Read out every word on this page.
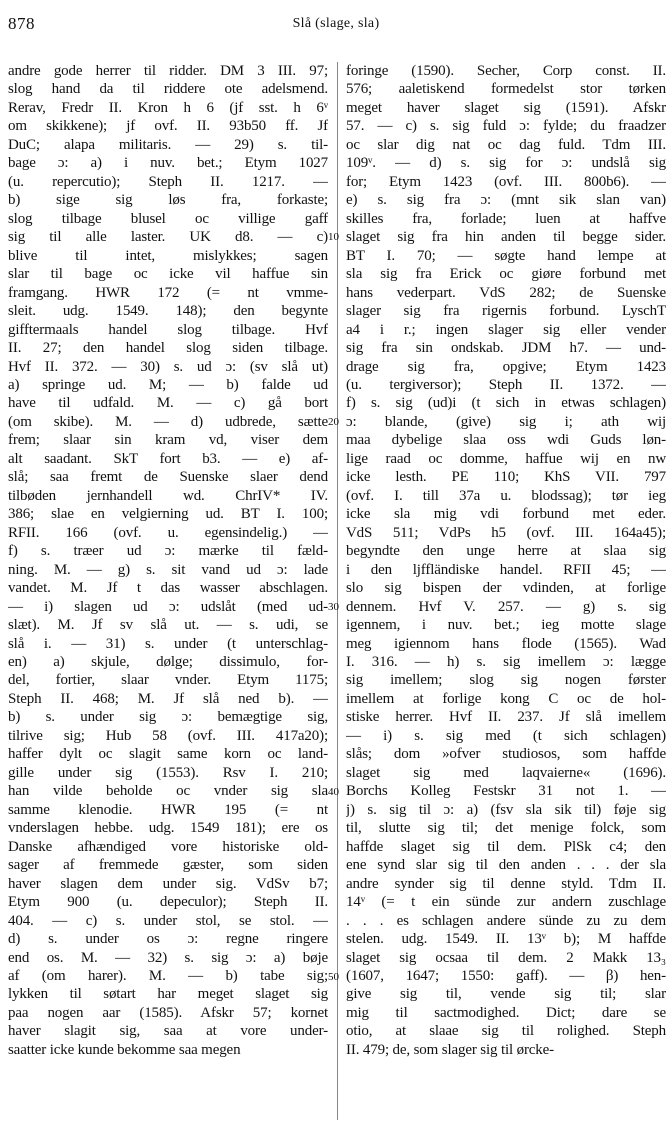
878	Slå (slage, sla)
andre gode herrer til ridder. DM 3 III. 97;
slog hand da til riddere ote adelsmend.
Rerav, Fredr II. Kron h 6 (jf sst. h 6ᵛ
om skikkene); jf ovf. II. 93b50 ff. Jf
DuC; alapa militaris. — 29) s. til-
bage ɔ: a) i nuv. bet.; Etym 1027
(u. repercutio); Steph II. 1217. —
b) sige sig løs fra, forkaste;
slog tilbage blusel oc villige gaff
sig til alle laster. UK d8. — c)
blive til intet, mislykkes; sagen
slar til bage oc icke vil haffue sin
framgang. HWR 172 (= nt vmme-
sleit. udg. 1549. 148); den begynte
gifftermaals handel slog tilbage. Hvf
II. 27; den handel slog siden tilbage.
Hvf II. 372. — 30) s. ud ɔ: (sv slå ut)
a) springe ud. M; — b) falde ud
have til udfald. M. — c) gå bort
(om skibe). M. — d) udbrede, sætte
frem; slaar sin kram vd, viser dem
alt saadant. SkT fort b3. — e) af-
slå; saa fremt de Suenske slaer dend
tilbøden jernhandell wd. ChrIV* IV.
386; slae en velgierning ud. BT I. 100;
RFII. 166 (ovf. u. egensindelig.) —
f) s. træer ud ɔ: mærke til fæld-
ning. M. — g) s. sit vand ud ɔ: lade
vandet. M. Jf t das wasser abschlagen.
— i) slagen ud ɔ: udslåt (med ud-
slæt). M. Jf sv slå ut. — s. udi, se
slå i. — 31) s. under (t unterschlag-
en) a) skjule, dølge; dissimulo, for-
del, fortier, slaar vnder. Etym 1175;
Steph II. 468; M. Jf slå ned b). —
b) s. under sig ɔ: bemægtige sig,
tilrive sig; Hub 58 (ovf. III. 417a20);
haffer dylt oc slagit same korn oc land-
gille under sig (1553). Rsv I. 210;
han vilde beholde oc vnder sig sla
samme klenodie. HWR 195 (= nt
vnderslagen hebbe. udg. 1549 181); ere os
Danske afhændiged vore historiske old-
sager af fremmede gæster, som siden
haver slagen dem under sig. VdSv b7;
Etym 900 (u. depeculor); Steph II.
404. — c) s. under stol, se stol. —
d) s. under os ɔ: regne ringere
end os. M. — 32) s. sig ɔ: a) bøje
af (om harer). M. — b) tabe sig;
lykken til søtart har meget slaget sig
paa nogen aar (1585). Afskr 57; kornet
haver slagit sig, saa at vore under-
saatter icke kunde bekomme saa megen
10
20
30
40
50
foringe (1590). Secher, Corp const. II.
576; aaletiskend formedelst stor tørken
meget haver slaget sig (1591). Afskr
57. — c) s. sig fuld ɔ: fylde; du fraadzer
oc slar dig nat oc dag fuld. Tdm III.
109ᵛ. — d) s. sig for ɔ: undslå sig
for; Etym 1423 (ovf. III. 800b6). —
e) s. sig fra ɔ: (mnt sik slan van)
skilles fra, forlade; luen at haffve
slaget sig fra hin anden til begge sider.
BT I. 70; — søgte hand lempe at
sla sig fra Erick oc giøre forbund met
hans vederpart. VdS 282; de Suenske
slager sig fra rigernis forbund. LyschT
a4 i r.; ingen slager sig eller vender
sig fra sin ondskab. JDM h7. — und-
drage sig fra, opgive; Etym 1423
(u. tergiversor); Steph II. 1372. —
f) s. sig (ud)i (t sich in etwas schlagen)
ɔ: blande, (give) sig i; ath wij
maa dybelige slaa oss wdi Guds løn-
lige raad oc domme, haffue wij en nw
icke lesth. PE 110; KhS VII. 797
(ovf. I. till 37a u. blodssag); tør ieg
icke sla mig vdi forbund met eder.
VdS 511; VdPs h5 (ovf. III. 164a45);
begyndte den unge herre at slaa sig
i den ljffländiske handel. RFII 45; —
slo sig bispen der vdinden, at forlige
dennem. Hvf V. 257. — g) s. sig
igennem, i nuv. bet.; ieg motte slage
meg igiennom hans flode (1565). Wad
I. 316. — h) s. sig imellem ɔ: lægge
sig imellem; slog sig nogen førster
imellem at forlige kong C oc de hol-
stiske herrer. Hvf II. 237. Jf slå imellem
— i) s. sig med (t sich schlagen)
slås; dom »ofver studiosos, som haffde
slaget sig med laqvaierne« (1696).
Borchs Kolleg Festskr 31 not 1. —
j) s. sig til ɔ: a) (fsv sla sik til) føje sig
til, slutte sig til; det menige folck, som
haffde slaget sig til dem. PlSk c4; den
ene synd slar sig til den anden . . . der sla
andre synder sig til denne styld. Tdm II.
14ᵛ (= t ein sünde zur andern zuschlage
. . . es schlagen andere sünde zu zu dem
stelen. udg. 1549. II. 13ᵛ b); M haffde
slaget sig ocsaa til dem. 2 Makk 13₃
(1607, 1647; 1550: gaff). — β) hen-
give sig til, vende sig til; slar
mig til sactmodighed. Dict; dare se
otio, at slaae sig til rolighed. Steph
II. 479; de, som slager sig til ørcke-
